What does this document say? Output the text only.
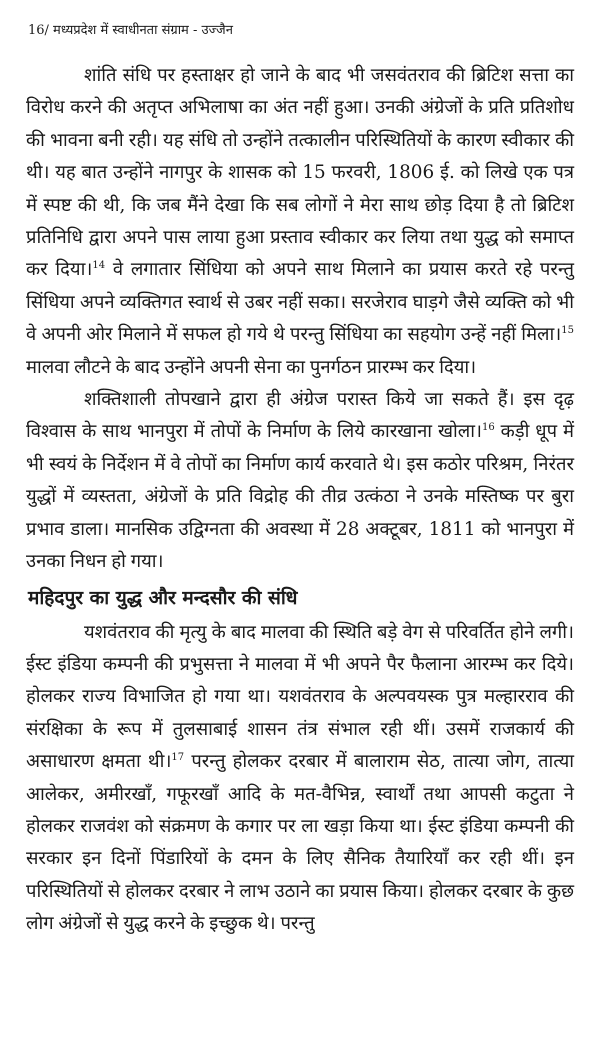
16/ मध्यप्रदेश में स्वाधीनता संग्राम - उज्जैन

शांति संधि पर हस्ताक्षर हो जाने के बाद भी जसवंतराव की ब्रिटिश सत्ता का विरोध करने की अतृप्त अभिलाषा का अंत नहीं हुआ। उनकी अंग्रेजों के प्रति प्रतिशोध की भावना बनी रही। यह संधि तो उन्होंने तत्कालीन परिस्थितियों के कारण स्वीकार की थी। यह बात उन्होंने नागपुर के शासक को 15 फरवरी, 1806 ई. को लिखे एक पत्र में स्पष्ट की थी, कि जब मैंने देखा कि सब लोगों ने मेरा साथ छोड़ दिया है तो ब्रिटिश प्रतिनिधि द्वारा अपने पास लाया हुआ प्रस्ताव स्वीकार कर लिया तथा युद्ध को समाप्त कर दिया।$^{14}$ वे लगातार सिंधिया को अपने साथ मिलाने का प्रयास करते रहे परन्तु सिंधिया अपने व्यक्तिगत स्वार्थ से उबर नहीं सका। सरजेराव घाड़गे जैसे व्यक्ति को भी वे अपनी ओर मिलाने में सफल हो गये थे परन्तु सिंधिया का सहयोग उन्हें नहीं मिला।$^{15}$ मालवा लौटने के बाद उन्होंने अपनी सेना का पुनर्गठन प्रारम्भ कर दिया।

शक्तिशाली तोपखाने द्वारा ही अंग्रेज परास्त किये जा सकते हैं। इस दृढ़ विश्वास के साथ भानपुरा में तोपों के निर्माण के लिये कारखाना खोला।$^{16}$ कड़ी धूप में भी स्वयं के निर्देशन में वे तोपों का निर्माण कार्य करवाते थे। इस कठोर परिश्रम, निरंतर युद्धों में व्यस्तता, अंग्रेजों के प्रति विद्रोह की तीव्र उत्कंठा ने उनके मस्तिष्क पर बुरा प्रभाव डाला। मानसिक उद्विग्नता की अवस्था में 28 अक्टूबर, 1811 को भानपुरा में उनका निधन हो गया।

महिदपुर का युद्ध और मन्दसौर की संधि

यशवंतराव की मृत्यु के बाद मालवा की स्थिति बड़े वेग से परिवर्तित होने लगी। ईस्ट इंडिया कम्पनी की प्रभुसत्ता ने मालवा में भी अपने पैर फैलाना आरम्भ कर दिये। होलकर राज्य विभाजित हो गया था। यशवंतराव के अल्पवयस्क पुत्र मल्हारराव की संरक्षिका के रूप में तुलसाबाई शासन तंत्र संभाल रही थीं। उसमें राजकार्य की असाधारण क्षमता थी।$^{17}$ परन्तु होलकर दरबार में बालाराम सेठ, तात्या जोग, तात्या आलेकर, अमीरखाँ, गफूरखाँ आदि के मत-वैभिन्न, स्वार्थों तथा आपसी कटुता ने होलकर राजवंश को संक्रमण के कगार पर ला खड़ा किया था। ईस्ट इंडिया कम्पनी की सरकार इन दिनों पिंडारियों के दमन के लिए सैनिक तैयारियाँ कर रही थीं। इन परिस्थितियों से होलकर दरबार ने लाभ उठाने का प्रयास किया। होलकर दरबार के कुछ लोग अंग्रेजों से युद्ध करने के इच्छुक थे। परन्तु
